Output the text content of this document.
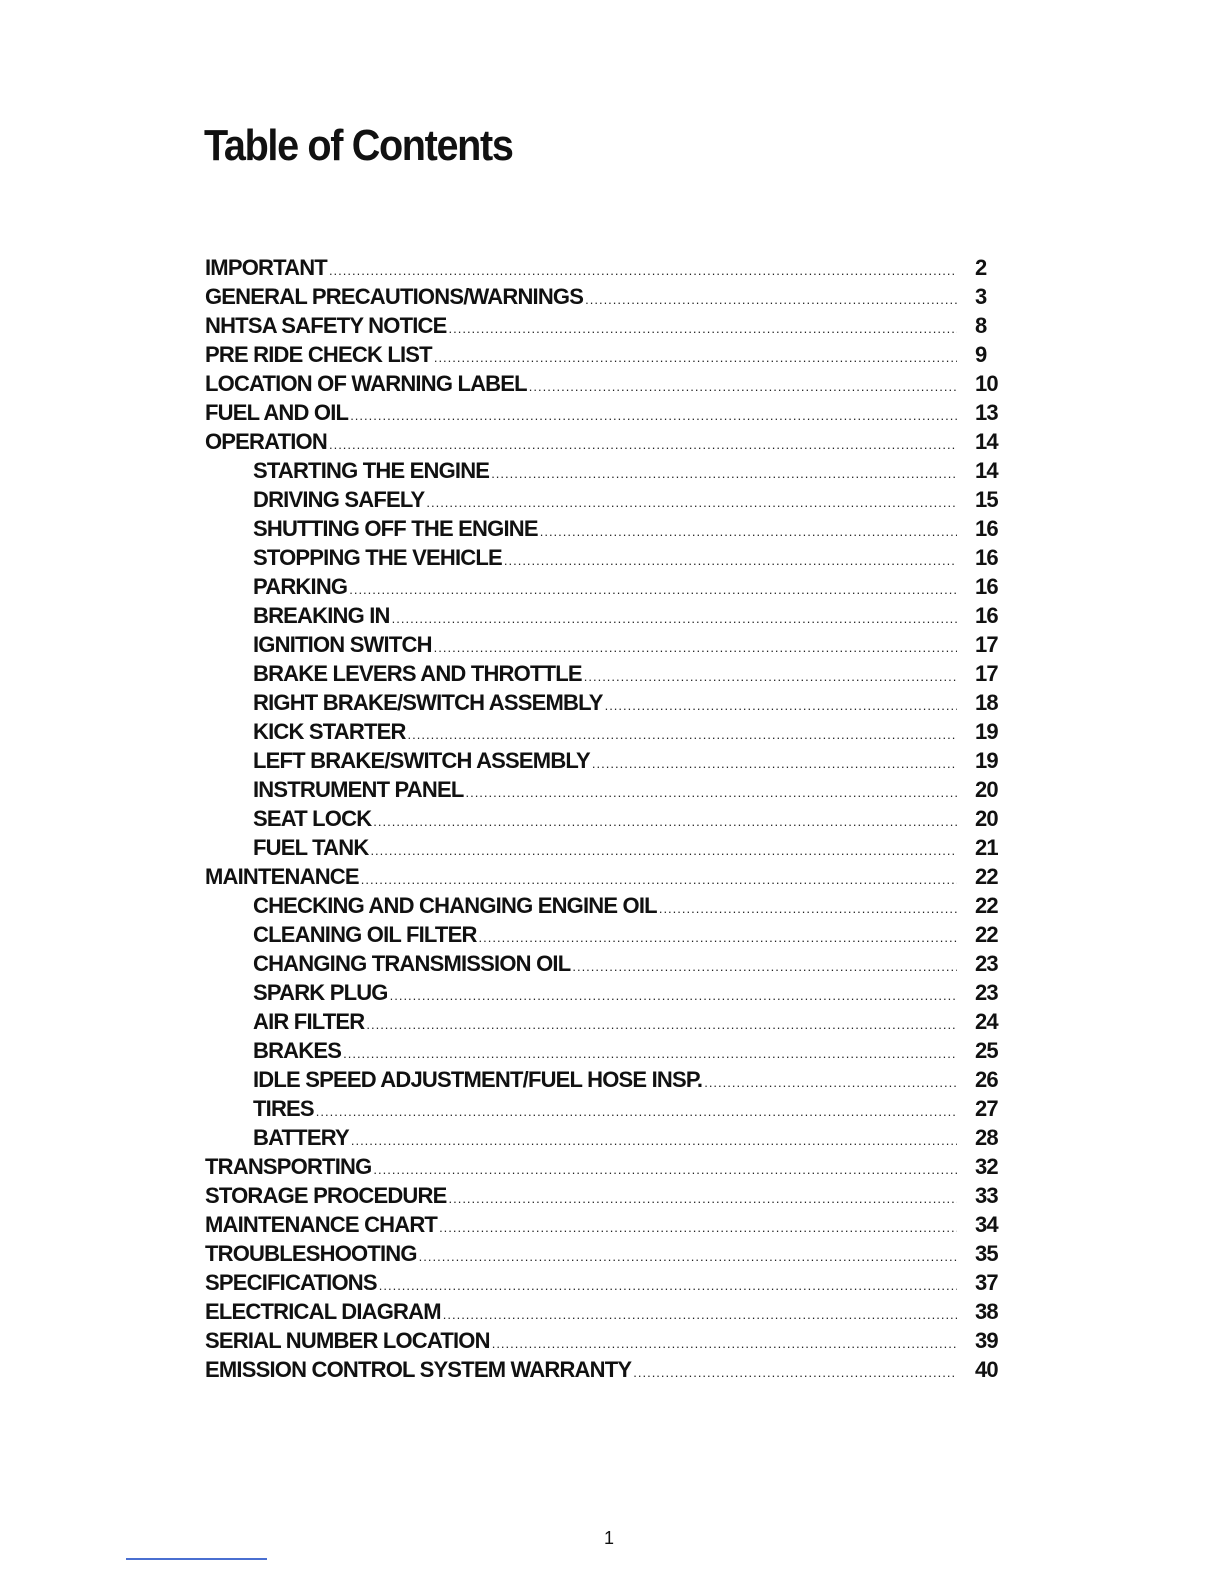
Table of Contents
IMPORTANT .....	2
GENERAL PRECAUTIONS/WARNINGS .....	3
NHTSA SAFETY NOTICE .....	8
PRE RIDE CHECK LIST .....	9
LOCATION OF WARNING LABEL .....	10
FUEL AND OIL .....	13
OPERATION .....	14
STARTING THE ENGINE .....	14
DRIVING SAFELY .....	15
SHUTTING OFF THE ENGINE .....	16
STOPPING THE VEHICLE .....	16
PARKING .....	16
BREAKING IN .....	16
IGNITION SWITCH .....	17
BRAKE LEVERS AND THROTTLE .....	17
RIGHT BRAKE/SWITCH ASSEMBLY .....	18
KICK STARTER .....	19
LEFT BRAKE/SWITCH ASSEMBLY .....	19
INSTRUMENT PANEL .....	20
SEAT LOCK .....	20
FUEL TANK .....	21
MAINTENANCE .....	22
CHECKING AND CHANGING ENGINE OIL .....	22
CLEANING OIL FILTER .....	22
CHANGING TRANSMISSION OIL .....	23
SPARK PLUG .....	23
AIR FILTER .....	24
BRAKES .....	25
IDLE SPEED ADJUSTMENT/FUEL HOSE INSP. .....	26
TIRES .....	27
BATTERY .....	28
TRANSPORTING .....	32
STORAGE PROCEDURE .....	33
MAINTENANCE CHART .....	34
TROUBLESHOOTING .....	35
SPECIFICATIONS .....	37
ELECTRICAL DIAGRAM .....	38
SERIAL NUMBER LOCATION .....	39
EMISSION CONTROL SYSTEM WARRANTY .....	40
1
